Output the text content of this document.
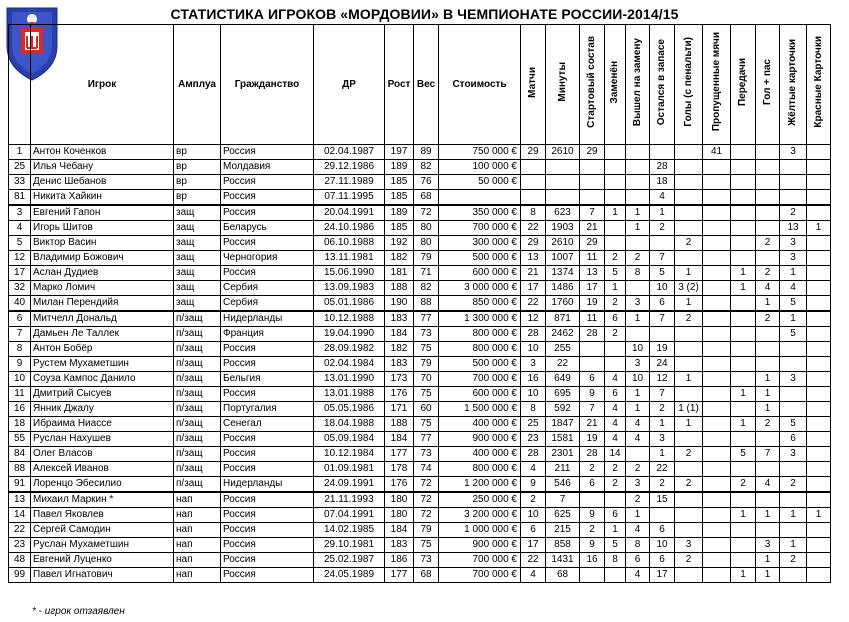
СТАТИСТИКА ИГРОКОВ «МОРДОВИИ» В ЧЕМПИОНАТЕ РОССИИ-2014/15
	Игрок	Амплуа	Гражданство	ДР	Рост	Вес	Стоимость	Матчи	Минуты	Стартовый состав	Заменён	Вышел на замену	Остался в запасе	Голы (с пенальти)	Пропущенные мячи	Передачи	Гол + пас	Жёлтые карточки	Красные Карточки
1	Антон Коченков	вр	Россия	02.04.1987	197	89	750 000 €	29	2610	29					41			3	
25	Илья Чебану	вр	Молдавия	29.12.1986	189	82	100 000 €						28						
33	Денис Шебанов	вр	Россия	27.11.1989	185	76	50 000 €						18						
81	Никита Хайкин	вр	Россия	07.11.1995	185	68							4						
3	Евгений Гапон	защ	Россия	20.04.1991	189	72	350 000 €	8	623	7	1	1	1					2	
4	Игорь Шитов	защ	Беларусь	24.10.1986	185	80	700 000 €	22	1903	21		1	2					13	1
5	Виктор Васин	защ	Россия	06.10.1988	192	80	300 000 €	29	2610	29				2			2	3	
12	Владимир Божович	защ	Черногория	13.11.1981	182	79	500 000 €	13	1007	11	2	2	7					3	
17	Аслан Дудиев	защ	Россия	15.06.1990	181	71	600 000 €	21	1374	13	5	8	5	1		1	2	1	
32	Марко Ломич	защ	Сербия	13.09.1983	188	82	3 000 000 €	17	1486	17	1		10	3 (2)		1	4	4	
40	Милан Перендийя	защ	Сербия	05.01.1986	190	88	850 000 €	22	1760	19	2	3	6	1			1	5	
6	Митчелл Дональд	п/защ	Нидерланды	10.12.1988	183	77	1 300 000 €	12	871	11	6	1	7	2			2	1	
7	Дамьен Ле Таллек	п/защ	Франция	19.04.1990	184	73	800 000 €	28	2462	28	2							5	
8	Антон Бобёр	п/защ	Россия	28.09.1982	182	75	800 000 €	10	255			10	19						
9	Рустем Мухаметшин	п/защ	Россия	02.04.1984	183	79	500 000 €	3	22			3	24						
10	Соуза Кампос Данило	п/защ	Бельгия	13.01.1990	173	70	700 000 €	16	649	6	4	10	12	1			1	3	
11	Дмитрий Сысуев	п/защ	Россия	13.01.1988	176	75	600 000 €	10	695	9	6	1	7			1	1		
16	Янник Джалу	п/защ	Португалия	05.05.1986	171	60	1 500 000 €	8	592	7	4	1	2	1 (1)			1		
18	Ибраима Ниассе	п/защ	Сенегал	18.04.1988	188	75	400 000 €	25	1847	21	4	4	1	1		1	2	5	
55	Руслан Нахушев	п/защ	Россия	05.09.1984	184	77	900 000 €	23	1581	19	4	4	3					6	
84	Олег Власов	п/защ	Россия	10.12.1984	177	73	400 000 €	28	2301	28	14		1	2		5	7	3	
88	Алексей Иванов	п/защ	Россия	01.09.1981	178	74	800 000 €	4	211	2	2	2	22						
91	Лоренцо Эбесилио	п/защ	Нидерланды	24.09.1991	176	72	1 200 000 €	9	546	6	2	3	2	2		2	4	2	
13	Михаил Маркин *	нап	Россия	21.11.1993	180	72	250 000 €	2	7			2	15						
14	Павел Яковлев	нап	Россия	07.04.1991	180	72	3 200 000 €	10	625	9	6	1				1	1	1	1
22	Сергей Самодин	нап	Россия	14.02.1985	184	79	1 000 000 €	6	215	2	1	4	6						
23	Руслан Мухаметшин	нап	Россия	29.10.1981	183	75	900 000 €	17	858	9	5	8	10	3			3	1	
48	Евгений Луценко	нап	Россия	25.02.1987	186	73	700 000 €	22	1431	16	8	6	6	2			1	2	
99	Павел Игнатович	нап	Россия	24.05.1989	177	68	700 000 €	4	68			4	17			1	1		
* - игрок отзаявлен
